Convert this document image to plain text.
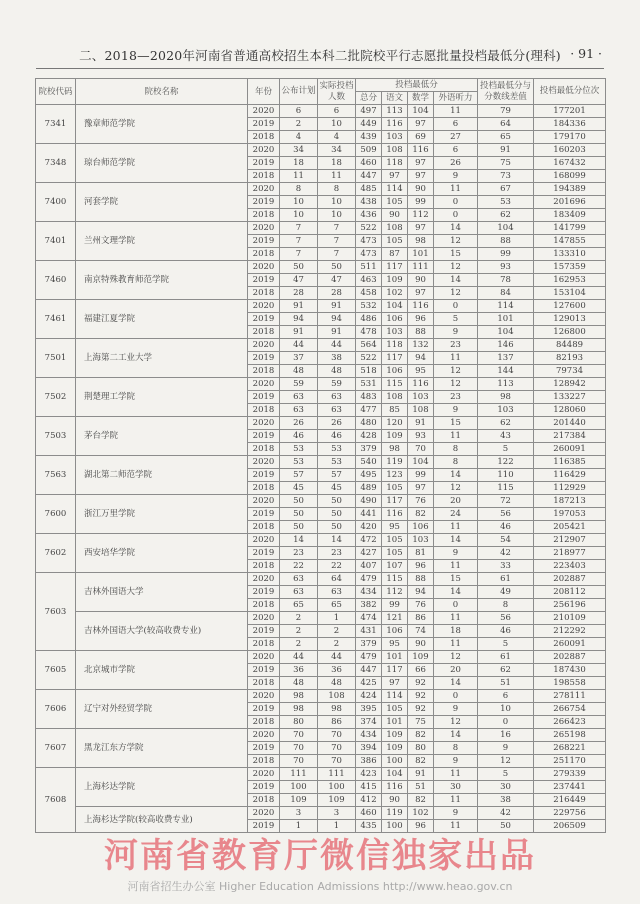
二、2018—2020年河南省普通高校招生本科二批院校平行志愿批量投档最低分(理科) · 91 ·
院校代码	院校名称	年份	公布计划	实际投档人数	投档最低分				投档最低分与分数线差值	投档最低分位次
					总分	语文	数学	外语听力		
7341	豫章师范学院	2020	6	6	497	113	104	11	79	177201
		2019	2	10	449	116	97	6	64	184336
		2018	4	4	439	103	69	27	65	179170
7348	琼台师范学院	2020	34	34	509	108	116	6	91	160203
		2019	18	18	460	118	97	26	75	167432
		2018	11	11	447	97	97	9	73	168099
7400	河套学院	2020	8	8	485	114	90	11	67	194389
		2019	10	10	438	105	99	0	53	201696
		2018	10	10	436	90	112	0	62	183409
7401	兰州文理学院	2020	7	7	522	108	97	14	104	141799
		2019	7	7	473	105	98	12	88	147855
		2018	7	7	473	87	101	15	99	133310
7460	南京特殊教育师范学院	2020	50	50	511	117	111	12	93	157359
		2019	47	47	463	109	90	14	78	162953
		2018	28	28	458	102	97	12	84	153104
7461	福建江夏学院	2020	91	91	532	104	116	0	114	127600
		2019	94	94	486	106	96	5	101	129013
		2018	91	91	478	103	88	9	104	126800
7501	上海第二工业大学	2020	44	44	564	118	132	23	146	84489
		2019	37	38	522	117	94	11	137	82193
		2018	48	48	518	106	95	12	144	79734
7502	荆楚理工学院	2020	59	59	531	115	116	12	113	128942
		2019	63	63	483	108	103	23	98	133227
		2018	63	63	477	85	108	9	103	128060
7503	茅台学院	2020	26	26	480	120	91	15	62	201440
		2019	46	46	428	109	93	11	43	217384
		2018	53	53	379	98	70	8	5	260091
7563	湖北第二师范学院	2020	53	53	540	119	104	8	122	116385
		2019	57	57	495	123	99	14	110	116429
		2018	45	45	489	105	97	12	115	112929
7600	浙江万里学院	2020	50	50	490	117	76	20	72	187213
		2019	50	50	441	116	82	24	56	197053
		2018	50	50	420	95	106	11	46	205421
7602	西安培华学院	2020	14	14	472	105	103	14	54	212907
		2019	23	23	427	105	81	9	42	218977
		2018	22	22	407	107	96	11	33	223403
7603	吉林外国语大学	2020	63	64	479	115	88	15	61	202887
		2019	63	63	434	112	94	14	49	208112
		2018	65	65	382	99	76	0	8	256196
	吉林外国语大学(较高收费专业)	2020	2	1	474	121	86	11	56	210109
		2019	2	2	431	106	74	18	46	212292
		2018	2	2	379	95	90	11	5	260091
7605	北京城市学院	2020	44	44	479	101	109	12	61	202887
		2019	36	36	447	117	66	20	62	187430
		2018	48	48	425	97	92	14	51	198558
7606	辽宁对外经贸学院	2020	98	108	424	114	92	0	6	278111
		2019	98	98	395	105	92	9	10	266754
		2018	80	86	374	101	75	12	0	266423
7607	黑龙江东方学院	2020	70	70	434	109	82	14	16	265198
		2019	70	70	394	109	80	8	9	268221
		2018	70	70	386	100	82	9	12	251170
7608	上海杉达学院	2020	111	111	423	104	91	11	5	279339
		2019	100	100	415	116	51	30	30	237441
		2018	109	109	412	90	82	11	38	216449
	上海杉达学院(较高收费专业)	2020	3	3	460	119	102	9	42	229756
		2019	1	1	435	100	96	11	50	206509
河南省教育厅微信独家出品
河南省招生办公室 Higher Education Admissions http://www.heao.gov.cn
